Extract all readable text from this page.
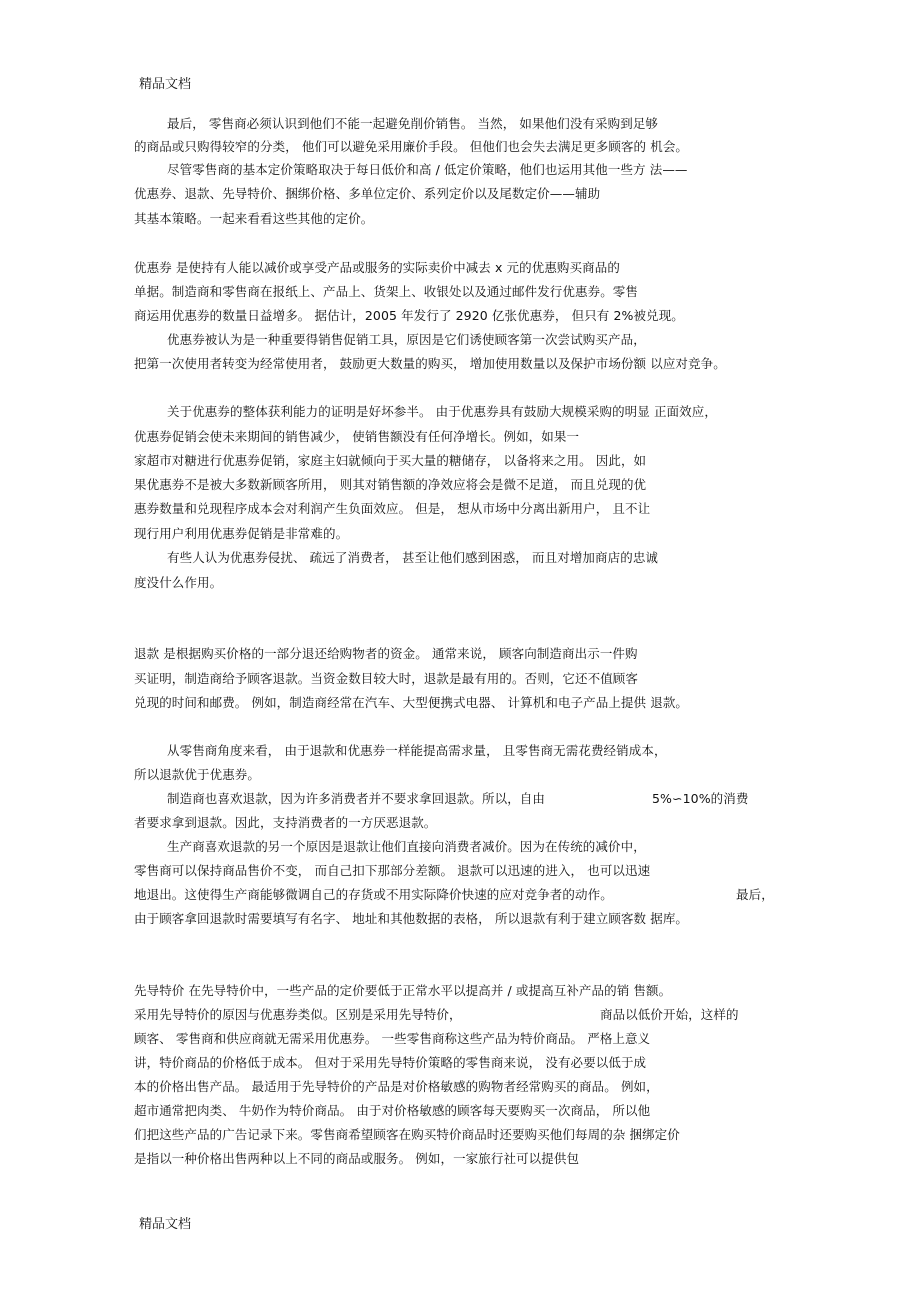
精品文档
最后， 零售商必须认识到他们不能一起避免削价销售。 当然， 如果他们没有采购到足够
的商品或只购得较窄的分类， 他们可以避免采用廉价手段。 但他们也会失去满足更多顾客的 机会。
尽管零售商的基本定价策略取决于每日低价和高 / 低定价策略，他们也运用其他一些方 法——
优惠券、退款、先导特价、捆绑价格、多单位定价、系列定价以及尾数定价——辅助
其基本策略。一起来看看这些其他的定价。
优惠券 是使持有人能以减价或享受产品或服务的实际卖价中减去 x 元的优惠购买商品的
单据。制造商和零售商在报纸上、产品上、货架上、收银处以及通过邮件发行优惠券。零售
商运用优惠券的数量日益增多。 据估计，2005 年发行了 2920 亿张优惠券， 但只有 2%被兑现。
优惠券被认为是一种重要得销售促销工具，原因是它们诱使顾客第一次尝试购买产品，
把第一次使用者转变为经常使用者， 鼓励更大数量的购买， 增加使用数量以及保护市场份额 以应对竞争。
关于优惠券的整体获利能力的证明是好坏参半。 由于优惠券具有鼓励大规模采购的明显 正面效应，
优惠券促销会使未来期间的销售减少， 使销售额没有任何净增长。例如，如果一
家超市对糖进行优惠券促销，家庭主妇就倾向于买大量的糖储存， 以备将来之用。 因此，如
果优惠券不是被大多数新顾客所用， 则其对销售额的净效应将会是微不足道， 而且兑现的优
惠券数量和兑现程序成本会对利润产生负面效应。 但是， 想从市场中分离出新用户， 且不让
现行用户利用优惠券促销是非常难的。
有些人认为优惠券侵扰、 疏远了消费者， 甚至让他们感到困惑， 而且对增加商店的忠诚
度没什么作用。
退款 是根据购买价格的一部分退还给购物者的资金。 通常来说， 顾客向制造商出示一件购
买证明，制造商给予顾客退款。当资金数目较大时，退款是最有用的。否则，它还不值顾客
兑现的时间和邮费。 例如，制造商经常在汽车、大型便携式电器、 计算机和电子产品上提供 退款。
从零售商角度来看， 由于退款和优惠券一样能提高需求量， 且零售商无需花费经销成本，
所以退款优于优惠券。
制造商也喜欢退款，因为许多消费者并不要求拿回退款。所以，自由	5%∽10%的消费
者要求拿到退款。因此，支持消费者的一方厌恶退款。
生产商喜欢退款的另一个原因是退款让他们直接向消费者减价。因为在传统的减价中，
零售商可以保持商品售价不变， 而自己扣下那部分差额。 退款可以迅速的进入， 也可以迅速
地退出。这使得生产商能够微调自己的存货或不用实际降价快速的应对竞争者的动作。	最后，
由于顾客拿回退款时需要填写有名字、 地址和其他数据的表格， 所以退款有利于建立顾客数 据库。
先导特价 在先导特价中，一些产品的定价要低于正常水平以提高并 / 或提高互补产品的销 售额。
采用先导特价的原因与优惠券类似。区别是采用先导特价，	商品以低价开始，这样的
顾客、 零售商和供应商就无需采用优惠券。 一些零售商称这些产品为特价商品。 严格上意义
讲，特价商品的价格低于成本。 但对于采用先导特价策略的零售商来说， 没有必要以低于成
本的价格出售产品。 最适用于先导特价的产品是对价格敏感的购物者经常购买的商品。 例如，
超市通常把肉类、 牛奶作为特价商品。 由于对价格敏感的顾客每天要购买一次商品， 所以他
们把这些产品的广告记录下来。零售商希望顾客在购买特价商品时还要购买他们每周的杂 捆绑定价
是指以一种价格出售两种以上不同的商品或服务。 例如，一家旅行社可以提供包
精品文档
